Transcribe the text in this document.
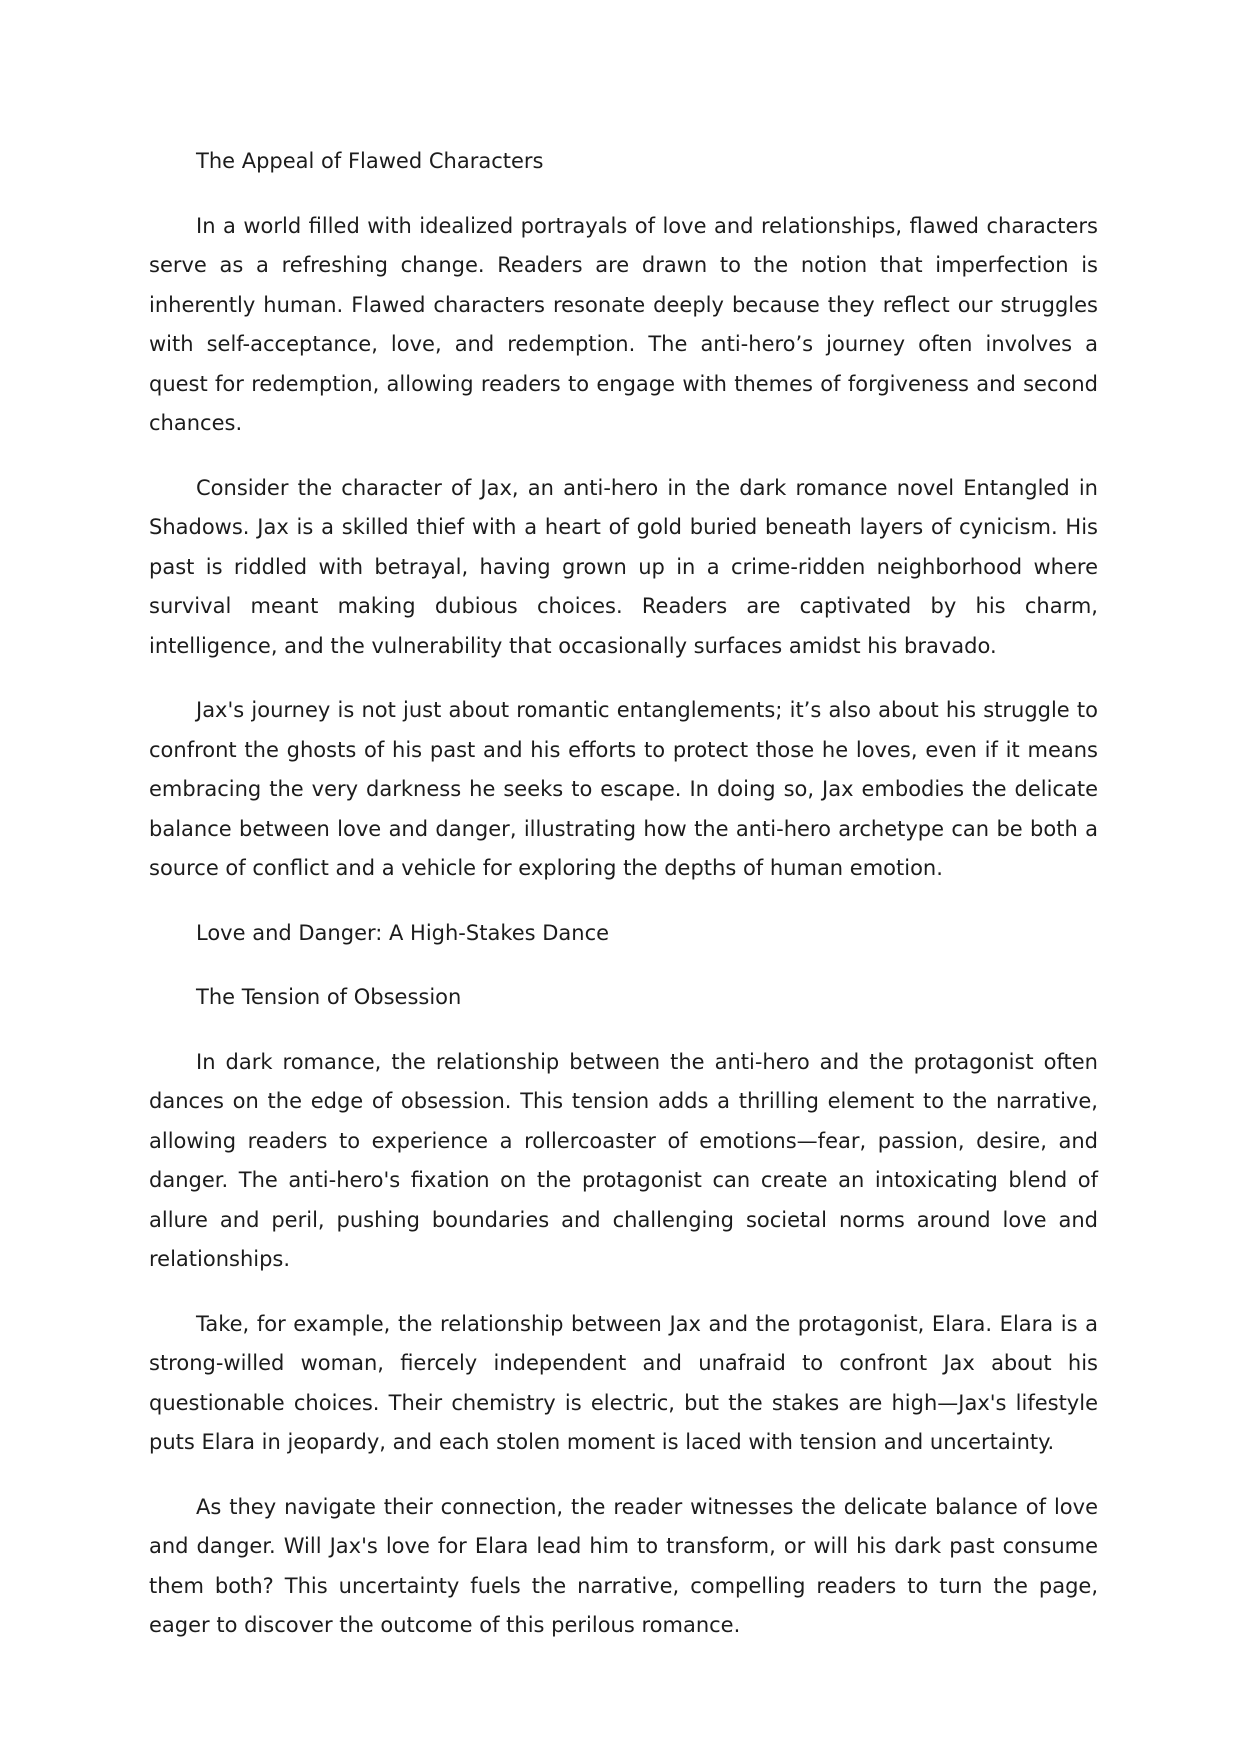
The Appeal of Flawed Characters

In a world filled with idealized portrayals of love and relationships, flawed characters serve as a refreshing change. Readers are drawn to the notion that imperfection is inherently human. Flawed characters resonate deeply because they reflect our struggles with self-acceptance, love, and redemption. The anti-hero’s journey often involves a quest for redemption, allowing readers to engage with themes of forgiveness and second chances.

Consider the character of Jax, an anti-hero in the dark romance novel Entangled in Shadows. Jax is a skilled thief with a heart of gold buried beneath layers of cynicism. His past is riddled with betrayal, having grown up in a crime-ridden neighborhood where survival meant making dubious choices. Readers are captivated by his charm, intelligence, and the vulnerability that occasionally surfaces amidst his bravado.

Jax's journey is not just about romantic entanglements; it’s also about his struggle to confront the ghosts of his past and his efforts to protect those he loves, even if it means embracing the very darkness he seeks to escape. In doing so, Jax embodies the delicate balance between love and danger, illustrating how the anti-hero archetype can be both a source of conflict and a vehicle for exploring the depths of human emotion.

Love and Danger: A High-Stakes Dance
The Tension of Obsession

In dark romance, the relationship between the anti-hero and the protagonist often dances on the edge of obsession. This tension adds a thrilling element to the narrative, allowing readers to experience a rollercoaster of emotions—fear, passion, desire, and danger. The anti-hero's fixation on the protagonist can create an intoxicating blend of allure and peril, pushing boundaries and challenging societal norms around love and relationships.

Take, for example, the relationship between Jax and the protagonist, Elara. Elara is a strong-willed woman, fiercely independent and unafraid to confront Jax about his questionable choices. Their chemistry is electric, but the stakes are high—Jax's lifestyle puts Elara in jeopardy, and each stolen moment is laced with tension and uncertainty.

As they navigate their connection, the reader witnesses the delicate balance of love and danger. Will Jax's love for Elara lead him to transform, or will his dark past consume them both? This uncertainty fuels the narrative, compelling readers to turn the page, eager to discover the outcome of this perilous romance.
